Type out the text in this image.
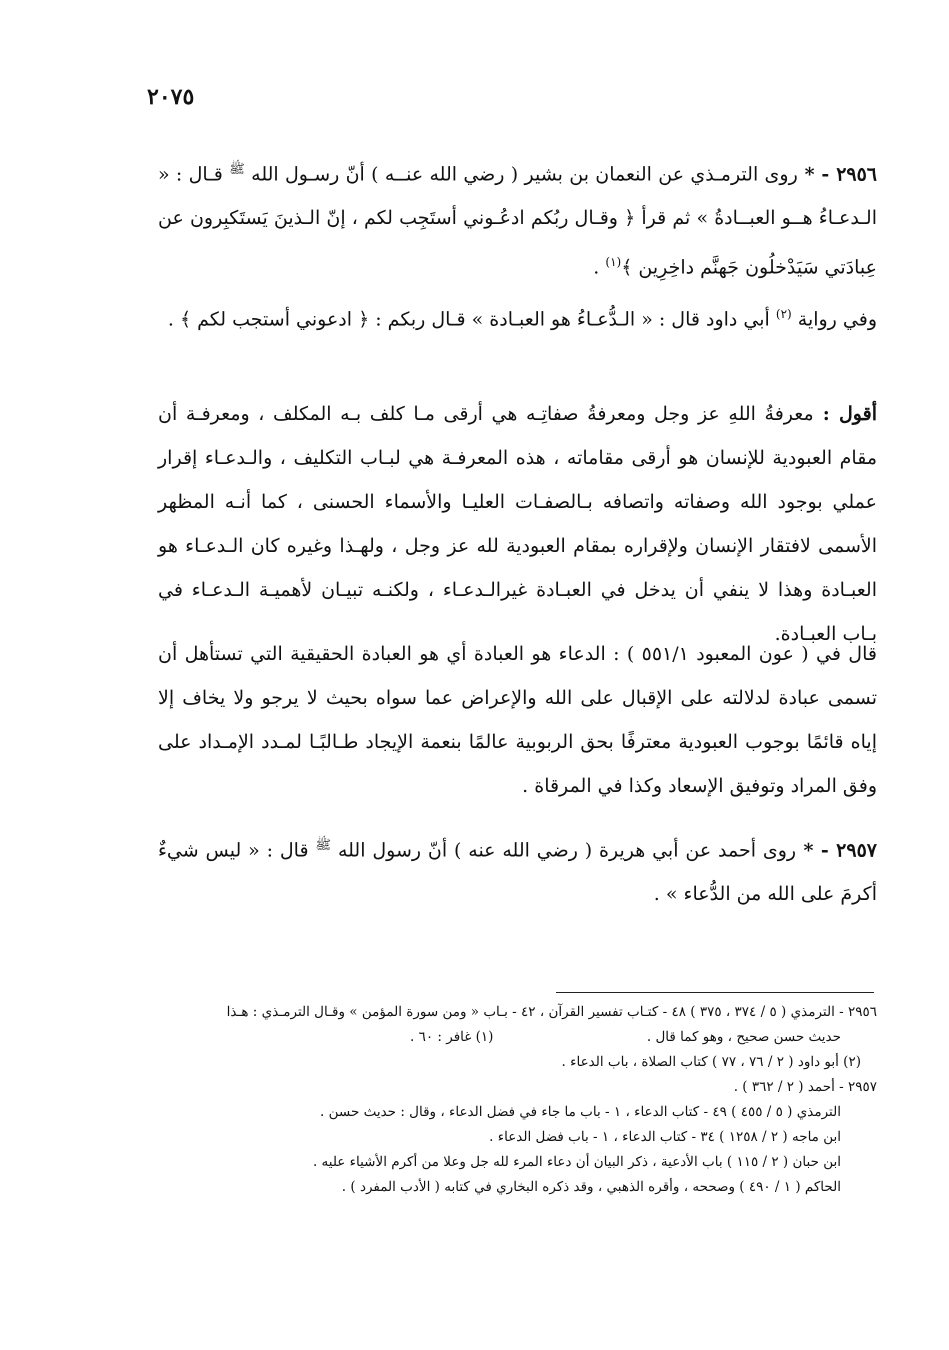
٢٠٧٥

٢٩٥٦ - * روى الترمـذي عن النعمان بن بشير ( رضي الله عنــه ) أنّ رسـول الله $^ﷺ$ قـال : « الـدعـاءُ هــو العبــادةُ » ثم قرأ ﴿ وقـال ربُكم ادعُـوني أستَجِب لكم ، إنّ الـذينَ يَستَكبِرون عن عِبادَتي سَيَدْخلُون جَهنَّم داخِرِين ﴾$^{(١)}$ .

وفي رواية $^{(٢)}$ أبي داود قال : « الـدُّعـاءُ هو العبـادة » قـال ربكم : ﴿ ادعوني أستجب لكم ﴾ .

أقول : معرفةُ اللهِ عز وجل ومعرفةُ صفاتِـه هي أرقى مـا كلف بـه المكلف ، ومعرفـة أن مقام العبودية للإنسان هو أرقى مقاماته ، هذه المعرفـة هي لبـاب التكليف ، والـدعـاء إقرار عملي بوجود الله وصفاته واتصافه بـالصفـات العليـا والأسماء الحسنى ، كما أنـه المظهر الأسمى لافتقار الإنسان ولإقراره بمقام العبودية لله عز وجل ، ولهـذا وغيره كان الـدعـاء هو العبـادة وهذا لا ينفي أن يدخل في العبـادة غيرالـدعـاء ، ولكنـه تبيـان لأهميـة الـدعـاء في بـاب العبـادة.

قال في ( عون المعبود ٥٥١/١ ) : الدعاء هو العبادة أي هو العبادة الحقيقية التي تستأهل أن تسمى عبادة لدلالته على الإقبال على الله والإعراض عما سواه بحيث لا يرجو ولا يخاف إلا إياه قائمًا بوجوب العبودية معترفًا بحق الربوبية عالمًا بنعمة الإيجاد طـالبًـا لمـدد الإمـداد على وفق المراد وتوفيق الإسعاد وكذا في المرقاة .

٢٩٥٧ - * روى أحمد عن أبي هريرة ( رضي الله عنه ) أنّ رسول الله $^ﷺ$ قال : « ليس شيءٌ أكرمَ على الله من الدُّعاء » .

٢٩٥٦ - الترمذي ( ٥ / ٣٧٤ ، ٣٧٥ ) ٤٨ - كتـاب تفسير القرآن ، ٤٢ - بـاب « ومن سورة المؤمن » وقـال الترمـذي : هـذا
حديث حسن صحيح ، وهو كما قال .
(١) غافر : ٦٠ .
(٢) أبو داود ( ٢ / ٧٦ ، ٧٧ ) كتاب الصلاة ، باب الدعاء .
٢٩٥٧ - أحمد ( ٢ / ٣٦٢ ) .
الترمذي ( ٥ / ٤٥٥ ) ٤٩ - كتاب الدعاء ، ١ - باب ما جاء في فضل الدعاء ، وقال : حديث حسن .
ابن ماجه ( ٢ / ١٢٥٨ ) ٣٤ - كتاب الدعاء ، ١ - باب فضل الدعاء .
ابن حبان ( ٢ / ١١٥ ) باب الأدعية ، ذكر البيان أن دعاء المرء لله جل وعلا من أكرم الأشياء عليه .
الحاكم ( ١ / ٤٩٠ ) وصححه ، وأقره الذهبي ، وقد ذكره البخاري في كتابه ( الأدب المفرد ) .
